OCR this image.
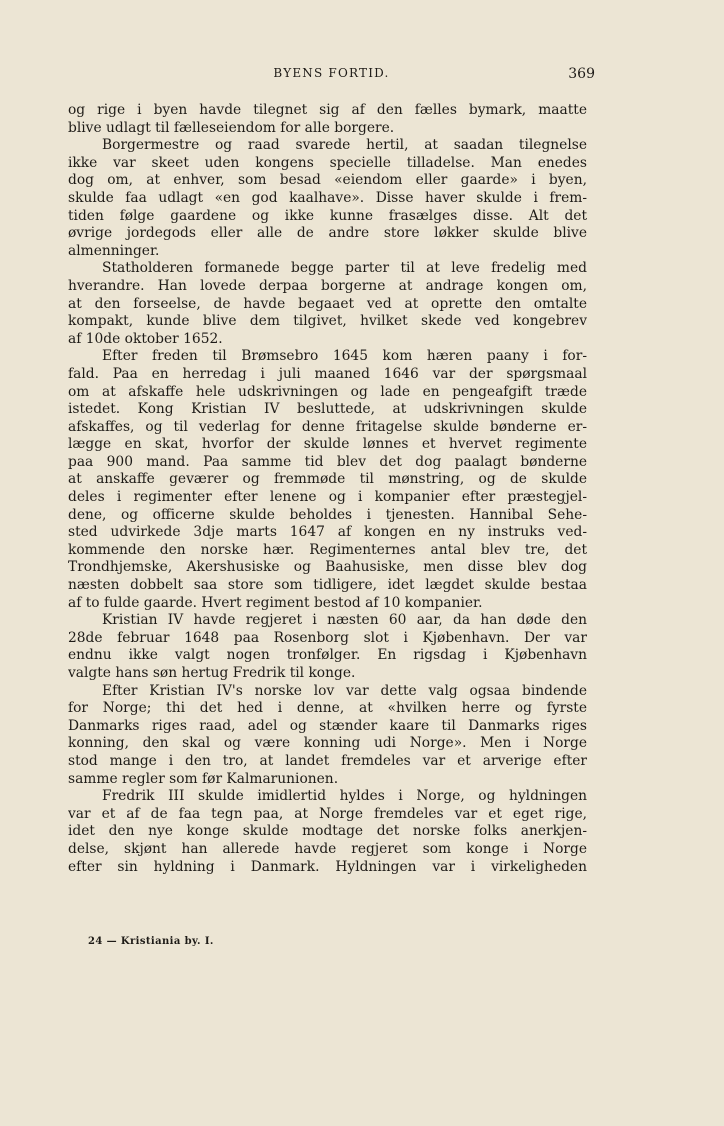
BYENS FORTID.	369
og rige i byen havde tilegnet sig af den fælles bymark, maatte
blive udlagt til fælleseiendom for alle borgere.
Borgermestre og raad svarede hertil, at saadan tilegnelse
ikke var skeet uden kongens specielle tilladelse. Man enedes
dog om, at enhver, som besad «eiendom eller gaarde» i byen,
skulde faa udlagt «en god kaalhave». Disse haver skulde i frem-
tiden følge gaardene og ikke kunne frasælges disse. Alt det
øvrige jordegods eller alle de andre store løkker skulde blive
almenninger.
Statholderen formanede begge parter til at leve fredelig med
hverandre. Han lovede derpaa borgerne at andrage kongen om,
at den forseelse, de havde begaaet ved at oprette den omtalte
kompakt, kunde blive dem tilgivet, hvilket skede ved kongebrev
af 10de oktober 1652.
Efter freden til Brømsebro 1645 kom hæren paany i for-
fald. Paa en herredag i juli maaned 1646 var der spørgsmaal
om at afskaffe hele udskrivningen og lade en pengeafgift træde
istedet. Kong Kristian IV besluttede, at udskrivningen skulde
afskaffes, og til vederlag for denne fritagelse skulde bønderne er-
lægge en skat, hvorfor der skulde lønnes et hvervet regimente
paa 900 mand. Paa samme tid blev det dog paalagt bønderne
at anskaffe geværer og fremmøde til mønstring, og de skulde
deles i regimenter efter lenene og i kompanier efter præstegjel-
dene, og officerne skulde beholdes i tjenesten. Hannibal Sehe-
sted udvirkede 3dje marts 1647 af kongen en ny instruks ved-
kommende den norske hær. Regimenternes antal blev tre, det
Trondhjemske, Akershusiske og Baahusiske, men disse blev dog
næsten dobbelt saa store som tidligere, idet lægdet skulde bestaa
af to fulde gaarde. Hvert regiment bestod af 10 kompanier.
Kristian IV havde regjeret i næsten 60 aar, da han døde den
28de februar 1648 paa Rosenborg slot i Kjøbenhavn. Der var
endnu ikke valgt nogen tronfølger. En rigsdag i Kjøbenhavn
valgte hans søn hertug Fredrik til konge.
Efter Kristian IV's norske lov var dette valg ogsaa bindende
for Norge; thi det hed i denne, at «hvilken herre og fyrste
Danmarks riges raad, adel og stænder kaare til Danmarks riges
konning, den skal og være konning udi Norge». Men i Norge
stod mange i den tro, at landet fremdeles var et arverige efter
samme regler som før Kalmarunionen.
Fredrik III skulde imidlertid hyldes i Norge, og hyldningen
var et af de faa tegn paa, at Norge fremdeles var et eget rige,
idet den nye konge skulde modtage det norske folks anerkjen-
delse, skjønt han allerede havde regjeret som konge i Norge
efter sin hyldning i Danmark. Hyldningen var i virkeligheden
24 — Kristiania by. I.
